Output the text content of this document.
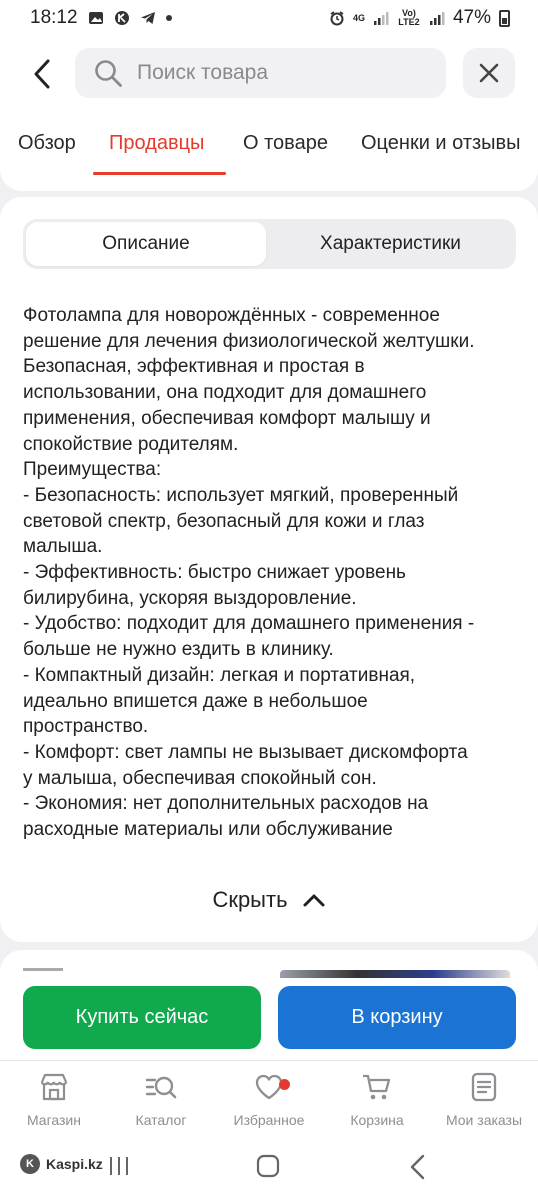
18:12	4G	Vo) LTE2 47%
Поиск товара
Обзор Продавцы О товаре Оценки и отзывы
Описание	Характеристики

Фотолампа для новорождённых - современное

решение для лечения физиологической желтушки.

Безопасная, эффективная и простая в

использовании, она подходит для домашнего

применения, обеспечивая комфорт малышу и

спокойствие родителям.

Преимущества:

- Безопасность: использует мягкий, проверенный

световой спектр, безопасный для кожи и глаз

малыша.

- Эффективность: быстро снижает уровень

билирубина, ускоряя выздоровление.

- Удобство: подходит для домашнего применения -

больше не нужно ездить в клинику.

- Компактный дизайн: легкая и портативная,

идеально впишется даже в небольшое

пространство.

- Комфорт: свет лампы не вызывает дискомфорта

у малыша, обеспечивая спокойный сон.

- Экономия: нет дополнительных расходов на

расходные материалы или обслуживание

Скрыть
Купить сейчас	В корзину
Магазин	Каталог	Избранное	Корзина	Мои заказы
K Kaspi.kz
